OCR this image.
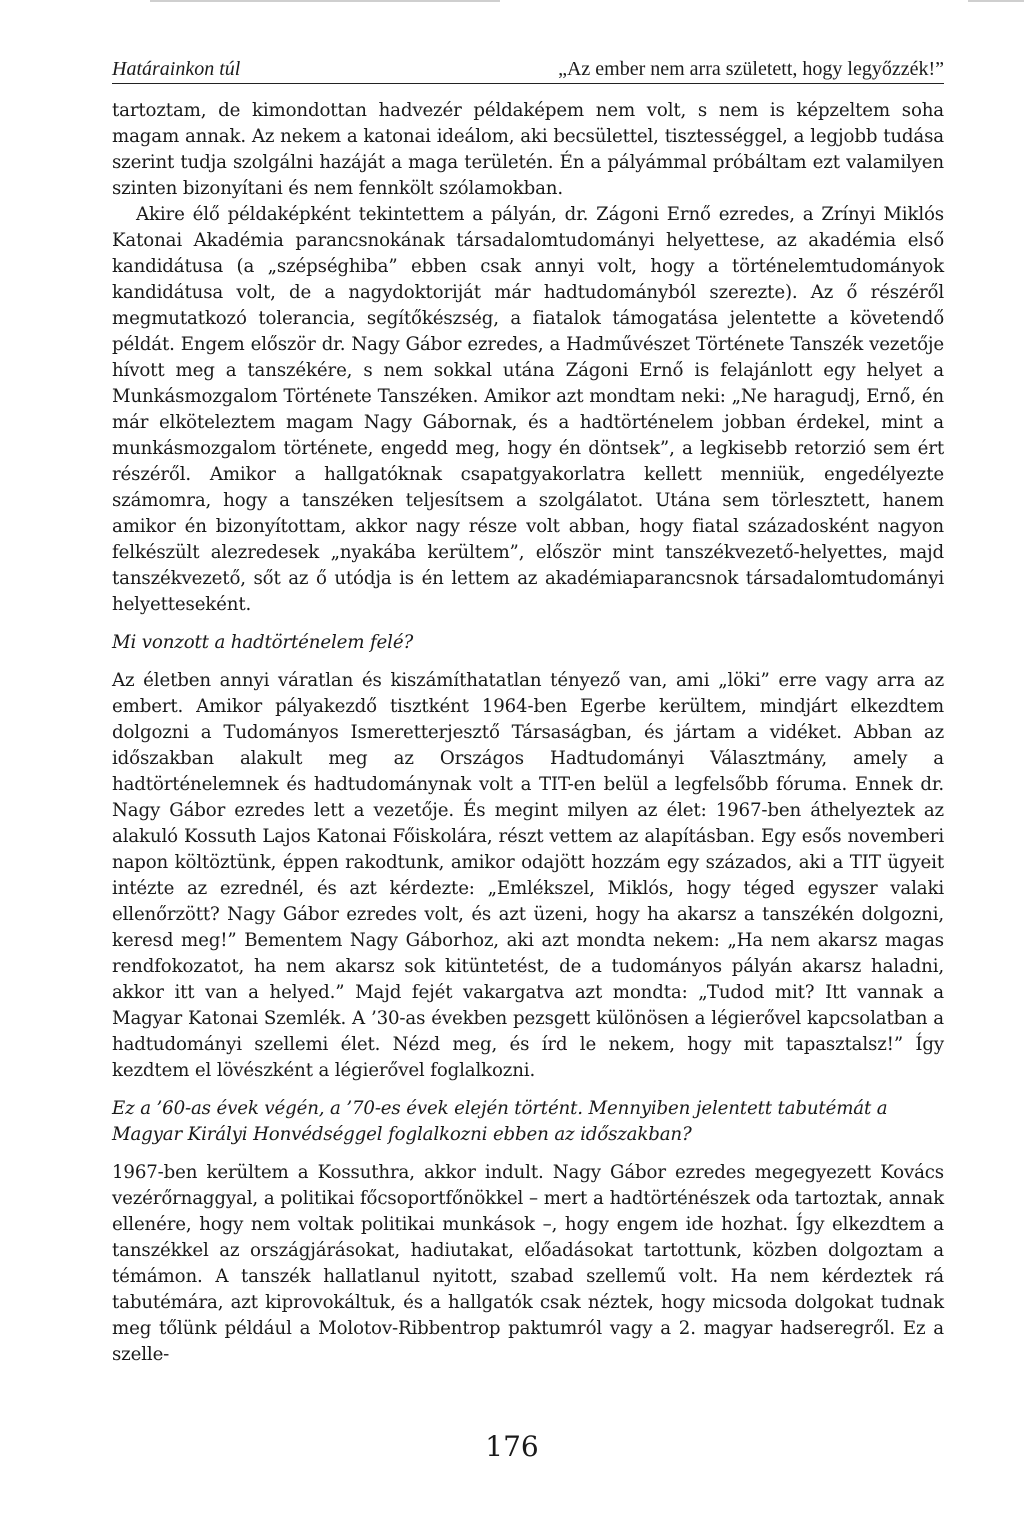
Határainkon túl	„Az ember nem arra született, hogy legyőzzék!”

tartoztam, de kimondottan hadvezér példaképem nem volt, s nem is képzeltem soha magam annak. Az nekem a katonai ideálom, aki becsülettel, tisztességgel, a legjobb tudása szerint tudja szolgálni hazáját a maga területén. Én a pályámmal próbáltam ezt valamilyen szinten bizonyítani és nem fennkölt szólamokban.

Akire élő példaképként tekintettem a pályán, dr. Zágoni Ernő ezredes, a Zrínyi Miklós Katonai Akadémia parancsnokának társadalomtudományi helyettese, az akadémia első kandidátusa (a „szépséghiba” ebben csak annyi volt, hogy a történelemtudományok kandidátusa volt, de a nagydoktoriját már hadtudományból szerezte). Az ő részéről megmutatkozó tolerancia, segítőkészség, a fiatalok támogatása jelentette a követendő példát. Engem először dr. Nagy Gábor ezredes, a Hadművészet Története Tanszék vezetője hívott meg a tanszékére, s nem sokkal utána Zágoni Ernő is felajánlott egy helyet a Munkásmozgalom Története Tanszéken. Amikor azt mondtam neki: „Ne haragudj, Ernő, én már elköteleztem magam Nagy Gábornak, és a hadtörténelem jobban érdekel, mint a munkásmozgalom története, engedd meg, hogy én döntsek”, a legkisebb retorzió sem ért részéről. Amikor a hallgatóknak csapatgyakorlatra kellett menniük, engedélyezte számomra, hogy a tanszéken teljesítsem a szolgálatot. Utána sem törlesztett, hanem amikor én bizonyítottam, akkor nagy része volt abban, hogy fiatal századosként nagyon felkészült alezredesek „nyakába kerültem”, először mint tanszékvezető-helyettes, majd tanszékvezető, sőt az ő utódja is én lettem az akadémiaparancsnok társadalomtudományi helyetteseként.

Mi vonzott a hadtörténelem felé?

Az életben annyi váratlan és kiszámíthatatlan tényező van, ami „löki” erre vagy arra az embert. Amikor pályakezdő tisztként 1964-ben Egerbe kerültem, mindjárt elkezdtem dolgozni a Tudományos Ismeretterjesztő Társaságban, és jártam a vidéket. Abban az időszakban alakult meg az Országos Hadtudományi Választmány, amely a hadtörténelemnek és hadtudománynak volt a TIT-en belül a legfelsőbb fóruma. Ennek dr. Nagy Gábor ezredes lett a vezetője. És megint milyen az élet: 1967-ben áthelyeztek az alakuló Kossuth Lajos Katonai Főiskolára, részt vettem az alapításban. Egy esős novemberi napon költöztünk, éppen rakodtunk, amikor odajött hozzám egy százados, aki a TIT ügyeit intézte az ezrednél, és azt kérdezte: „Emlékszel, Miklós, hogy téged egyszer valaki ellenőrzött? Nagy Gábor ezredes volt, és azt üzeni, hogy ha akarsz a tanszékén dolgozni, keresd meg!” Bementem Nagy Gáborhoz, aki azt mondta nekem: „Ha nem akarsz magas rendfokozatot, ha nem akarsz sok kitüntetést, de a tudományos pályán akarsz haladni, akkor itt van a helyed.” Majd fejét vakargatva azt mondta: „Tudod mit? Itt vannak a Magyar Katonai Szemlék. A ’30-as években pezsgett különösen a légierővel kapcsolatban a hadtudományi szellemi élet. Nézd meg, és írd le nekem, hogy mit tapasztalsz!” Így kezdtem el lövészként a légierővel foglalkozni.

Ez a ’60-as évek végén, a ’70-es évek elején történt. Mennyiben jelentett tabutémát a Magyar Királyi Honvédséggel foglalkozni ebben az időszakban?

1967-ben kerültem a Kossuthra, akkor indult. Nagy Gábor ezredes megegyezett Kovács vezérőrnaggyal, a politikai főcsoportfőnökkel – mert a hadtörténészek oda tartoztak, annak ellenére, hogy nem voltak politikai munkások –, hogy engem ide hozhat. Így elkezdtem a tanszékkel az országjárásokat, hadiutakat, előadásokat tartottunk, közben dolgoztam a témámon. A tanszék hallatlanul nyitott, szabad szellemű volt. Ha nem kérdeztek rá tabutémára, azt kiprovokáltuk, és a hallgatók csak néztek, hogy micsoda dolgokat tudnak meg tőlünk például a Molotov-Ribbentrop paktumról vagy a 2. magyar hadseregről. Ez a szelle-

176
